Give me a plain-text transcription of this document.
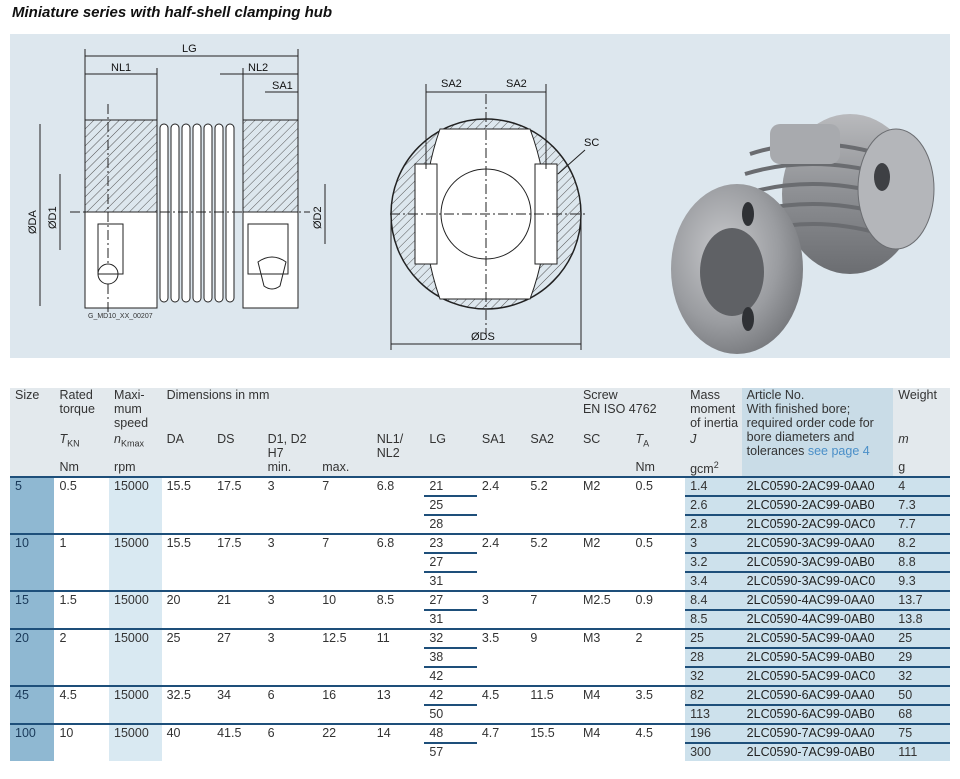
Miniature series with half-shell clamping hub
LG
NL1	NL2
SA1
ØDA ØD1	ØD2
G_MD10_XX_00207
SA2	SA2
SC
ØDS
Size	Rated torque	Maxi-mum speed	Dimensions in mm								Screw
EN ISO 4762		Mass moment of inertia	Article No.
With finished bore; required order code for bore diameters and tolerances see page 4	Weight
	$T_{KN}$	$n_{Kmax}$	DA	DS	D1, D2
H7		NL1/ NL2	LG	SA1	SA2	SC	$T_A$	J		m
	Nm	rpm			min.	max.						Nm	gcm$^2$		g
5	0.5	15000	15.5	17.5	3	7	6.8	21	2.4	5.2	M2	0.5	1.4	2LC0590-2AC99-0AA0	4
								25					2.6	2LC0590-2AC99-0AB0	7.3
								28					2.8	2LC0590-2AC99-0AC0	7.7
10	1	15000	15.5	17.5	3	7	6.8	23	2.4	5.2	M2	0.5	3	2LC0590-3AC99-0AA0	8.2
								27					3.2	2LC0590-3AC99-0AB0	8.8
								31					3.4	2LC0590-3AC99-0AC0	9.3
15	1.5	15000	20	21	3	10	8.5	27	3	7	M2.5	0.9	8.4	2LC0590-4AC99-0AA0	13.7
								31					8.5	2LC0590-4AC99-0AB0	13.8
20	2	15000	25	27	3	12.5	11	32	3.5	9	M3	2	25	2LC0590-5AC99-0AA0	25
								38					28	2LC0590-5AC99-0AB0	29
								42					32	2LC0590-5AC99-0AC0	32
45	4.5	15000	32.5	34	6	16	13	42	4.5	11.5	M4	3.5	82	2LC0590-6AC99-0AA0	50
								50					113	2LC0590-6AC99-0AB0	68
100	10	15000	40	41.5	6	22	14	48	4.7	15.5	M4	4.5	196	2LC0590-7AC99-0AA0	75
								57					300	2LC0590-7AC99-0AB0	111
